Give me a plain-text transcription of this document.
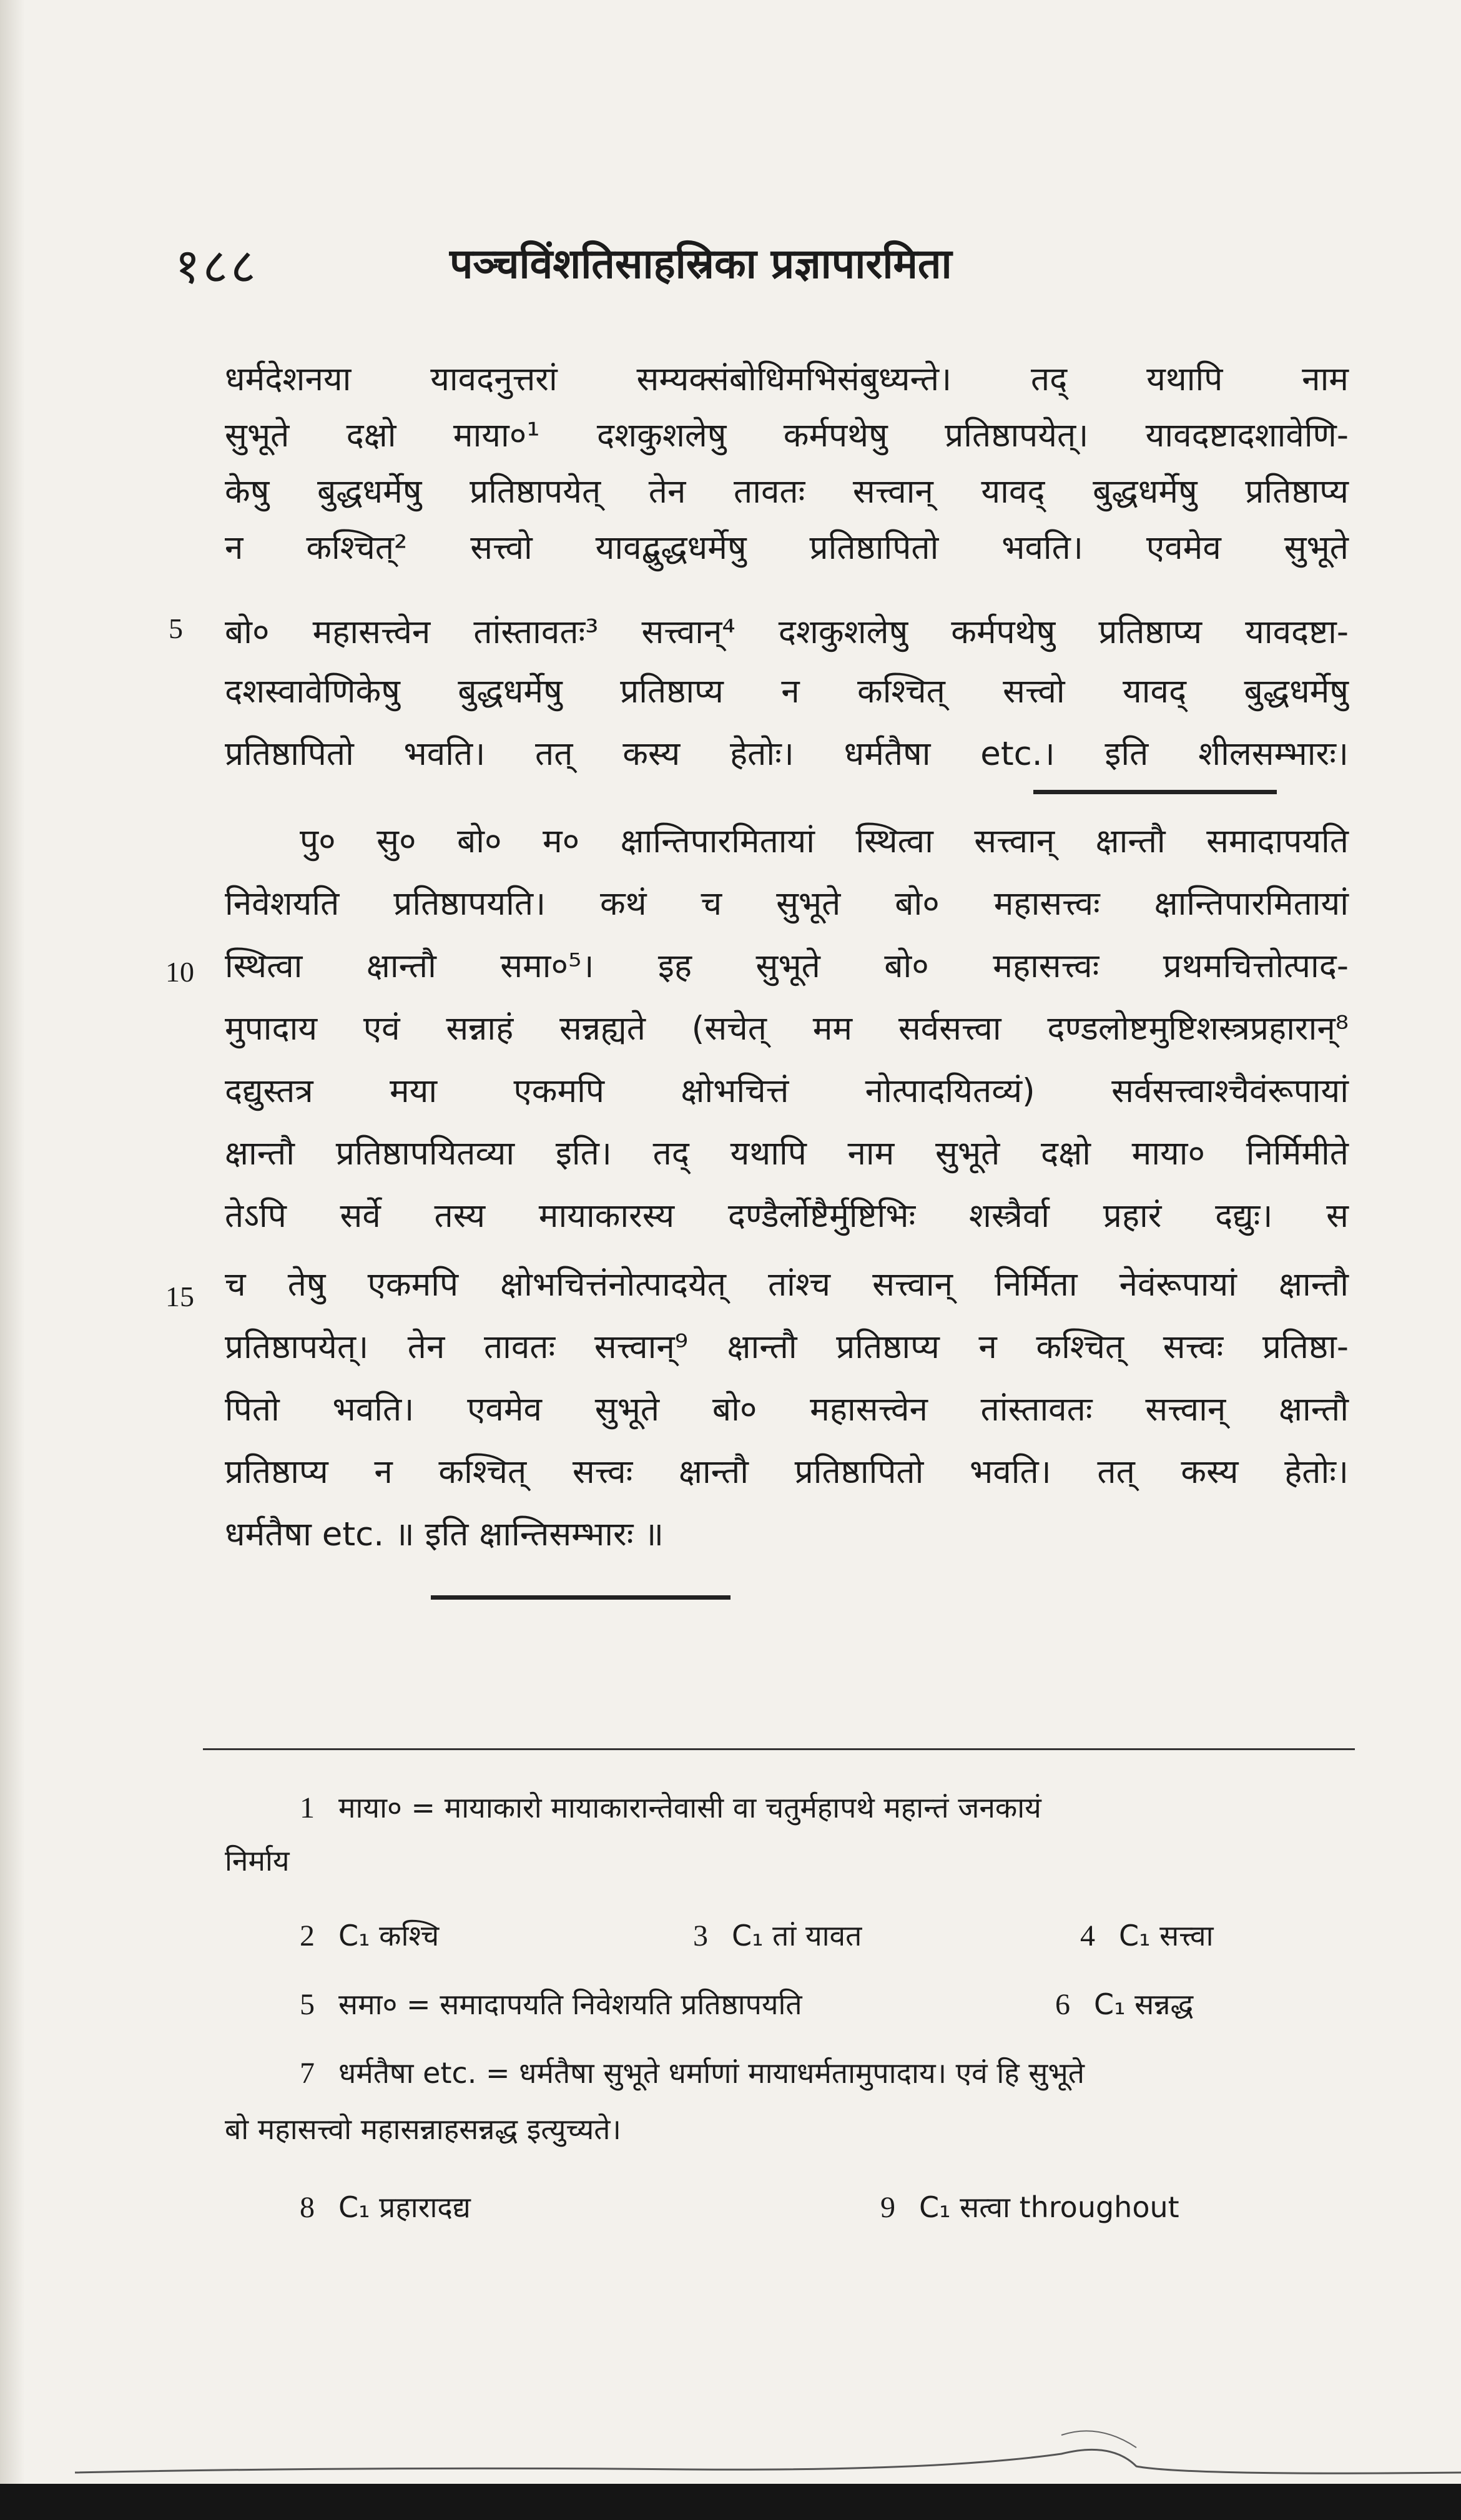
१८८	पञ्चविंशतिसाहस्रिका प्रज्ञापारमिता
धर्मदेशनया यावदनुत्तरां सम्यक्संबोधिमभिसंबुध्यन्ते। तद् यथापि नाम
सुभूते दक्षो माया०¹ दशकुशलेषु कर्मपथेषु प्रतिष्ठापयेत्। यावदष्टादशावेणि-
केषु बुद्धधर्मेषु प्रतिष्ठापयेत् तेन तावतः सत्त्वान् यावद् बुद्धधर्मेषु प्रतिष्ठाप्य
न कश्चित्² सत्त्वो यावद्बुद्धधर्मेषु प्रतिष्ठापितो भवति। एवमेव सुभूते
5 बो० महासत्त्वेन तांस्तावतः³ सत्त्वान्⁴ दशकुशलेषु कर्मपथेषु प्रतिष्ठाप्य यावदष्टा-
दशस्वावेणिकेषु बुद्धधर्मेषु प्रतिष्ठाप्य न कश्चित् सत्त्वो यावद् बुद्धधर्मेषु
प्रतिष्ठापितो भवति। तत् कस्य हेतोः। धर्मतैषा etc.। इति शीलसम्भारः।
पु० सु० बो० म० क्षान्तिपारमितायां स्थित्वा सत्त्वान् क्षान्तौ समादापयति
निवेशयति प्रतिष्ठापयति। कथं च सुभूते बो० महासत्त्वः क्षान्तिपारमितायां
10 स्थित्वा क्षान्तौ समा०⁵। इह सुभूते बो० महासत्त्वः प्रथमचित्तोत्पाद-
मुपादाय एवं सन्नाहं सन्नह्यते (सचेत् मम सर्वसत्त्वा दण्डलोष्टमुष्टिशस्त्रप्रहारान्⁸
दद्युस्तत्र मया एकमपि क्षोभचित्तं नोत्पादयितव्यं) सर्वसत्त्वाश्चैवंरूपायां
क्षान्तौ प्रतिष्ठापयितव्या इति। तद् यथापि नाम सुभूते दक्षो माया० निर्मिमीते
तेऽपि सर्वे तस्य मायाकारस्य दण्डैर्लोष्टैर्मुष्टिभिः शस्त्रैर्वा प्रहारं दद्युः। स
15 च तेषु एकमपि क्षोभचित्तंनोत्पादयेत् तांश्च सत्त्वान् निर्मिता नेवंरूपायां क्षान्तौ
प्रतिष्ठापयेत्। तेन तावतः सत्त्वान्⁹ क्षान्तौ प्रतिष्ठाप्य न कश्चित् सत्त्वः प्रतिष्ठा-
पितो भवति। एवमेव सुभूते बो० महासत्त्वेन तांस्तावतः सत्त्वान् क्षान्तौ
प्रतिष्ठाप्य न कश्चित् सत्त्वः क्षान्तौ प्रतिष्ठापितो भवति। तत् कस्य हेतोः।
धर्मतैषा etc. ॥ इति क्षान्तिसम्भारः ॥
1 माया० = मायाकारो मायाकारान्तेवासी वा चतुर्महापथे महान्तं जनकायं
निर्माय
2 C₁ कश्चि	3 C₁ तां यावत	4 C₁ सत्त्वा
5 समा० = समादापयति निवेशयति प्रतिष्ठापयति	6 C₁ सन्नद्ध
7 धर्मतैषा etc. = धर्मतैषा सुभूते धर्माणां मायाधर्मतामुपादाय। एवं हि सुभूते
बो महासत्त्वो महासन्नाहसन्नद्ध इत्युच्यते।
8 C₁ प्रहारादद्य	9 C₁ सत्वा throughout
